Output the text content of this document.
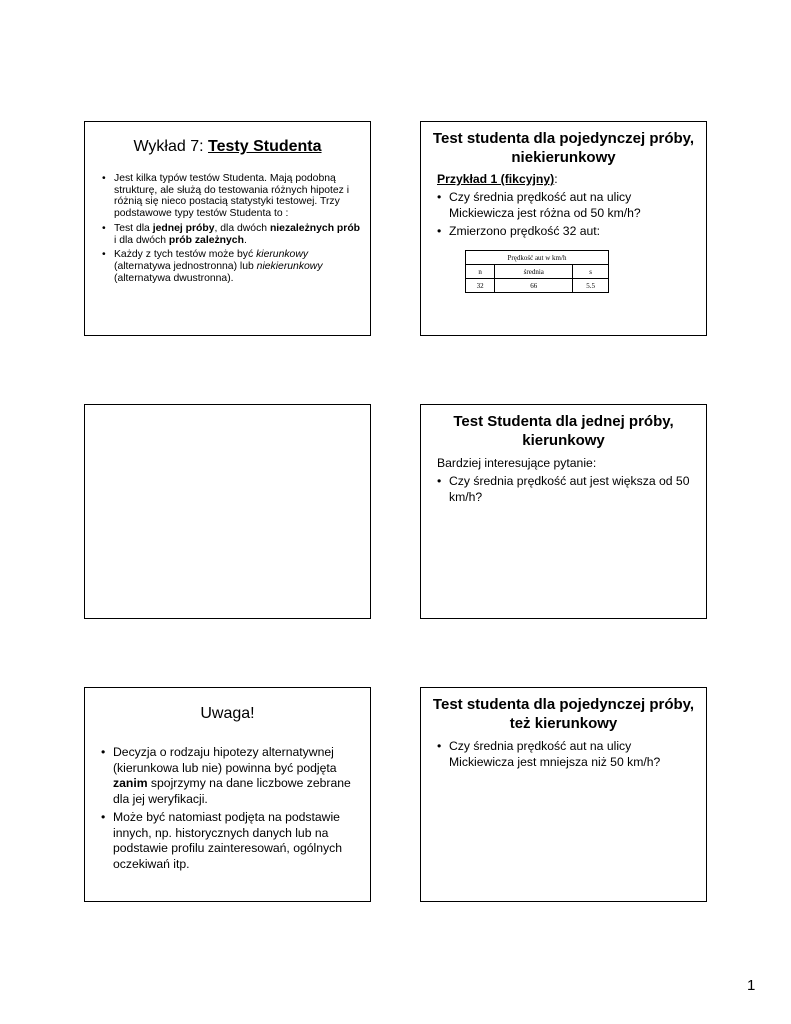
Wykład 7: Testy Studenta
• Jest kilka typów testów Studenta. Mają podobną strukturę, ale służą do testowania różnych hipotez i różnią się nieco postacią statystyki testowej. Trzy podstawowe typy testów Studenta to :
• Test dla jednej próby, dla dwóch niezależnych prób i dla dwóch prób zależnych.
• Każdy z tych testów może być kierunkowy (alternatywa jednostronna) lub niekierunkowy (alternatywa dwustronna).
Test studenta dla pojedynczej próby, niekierunkowy
Przykład 1 (fikcyjny):
• Czy średnia prędkość aut na ulicy Mickiewicza jest różna od 50 km/h?
• Zmierzono prędkość 32 aut:
Prędkość aut w km/h		
n	średnia	s
32	66	5.5
Test Studenta dla jednej próby, kierunkowy
Bardziej interesujące pytanie:
• Czy średnia prędkość aut jest większa od 50 km/h?
Uwaga!
• Decyzja o rodzaju hipotezy alternatywnej (kierunkowa lub nie) powinna być podjęta zanim spojrzymy na dane liczbowe zebrane dla jej weryfikacji.
• Może być natomiast podjęta na podstawie innych, np. historycznych danych lub na podstawie profilu zainteresowań, ogólnych oczekiwań itp.
Test studenta dla pojedynczej próby, też kierunkowy
• Czy średnia prędkość aut na ulicy Mickiewicza jest mniejsza niż 50 km/h?
1
